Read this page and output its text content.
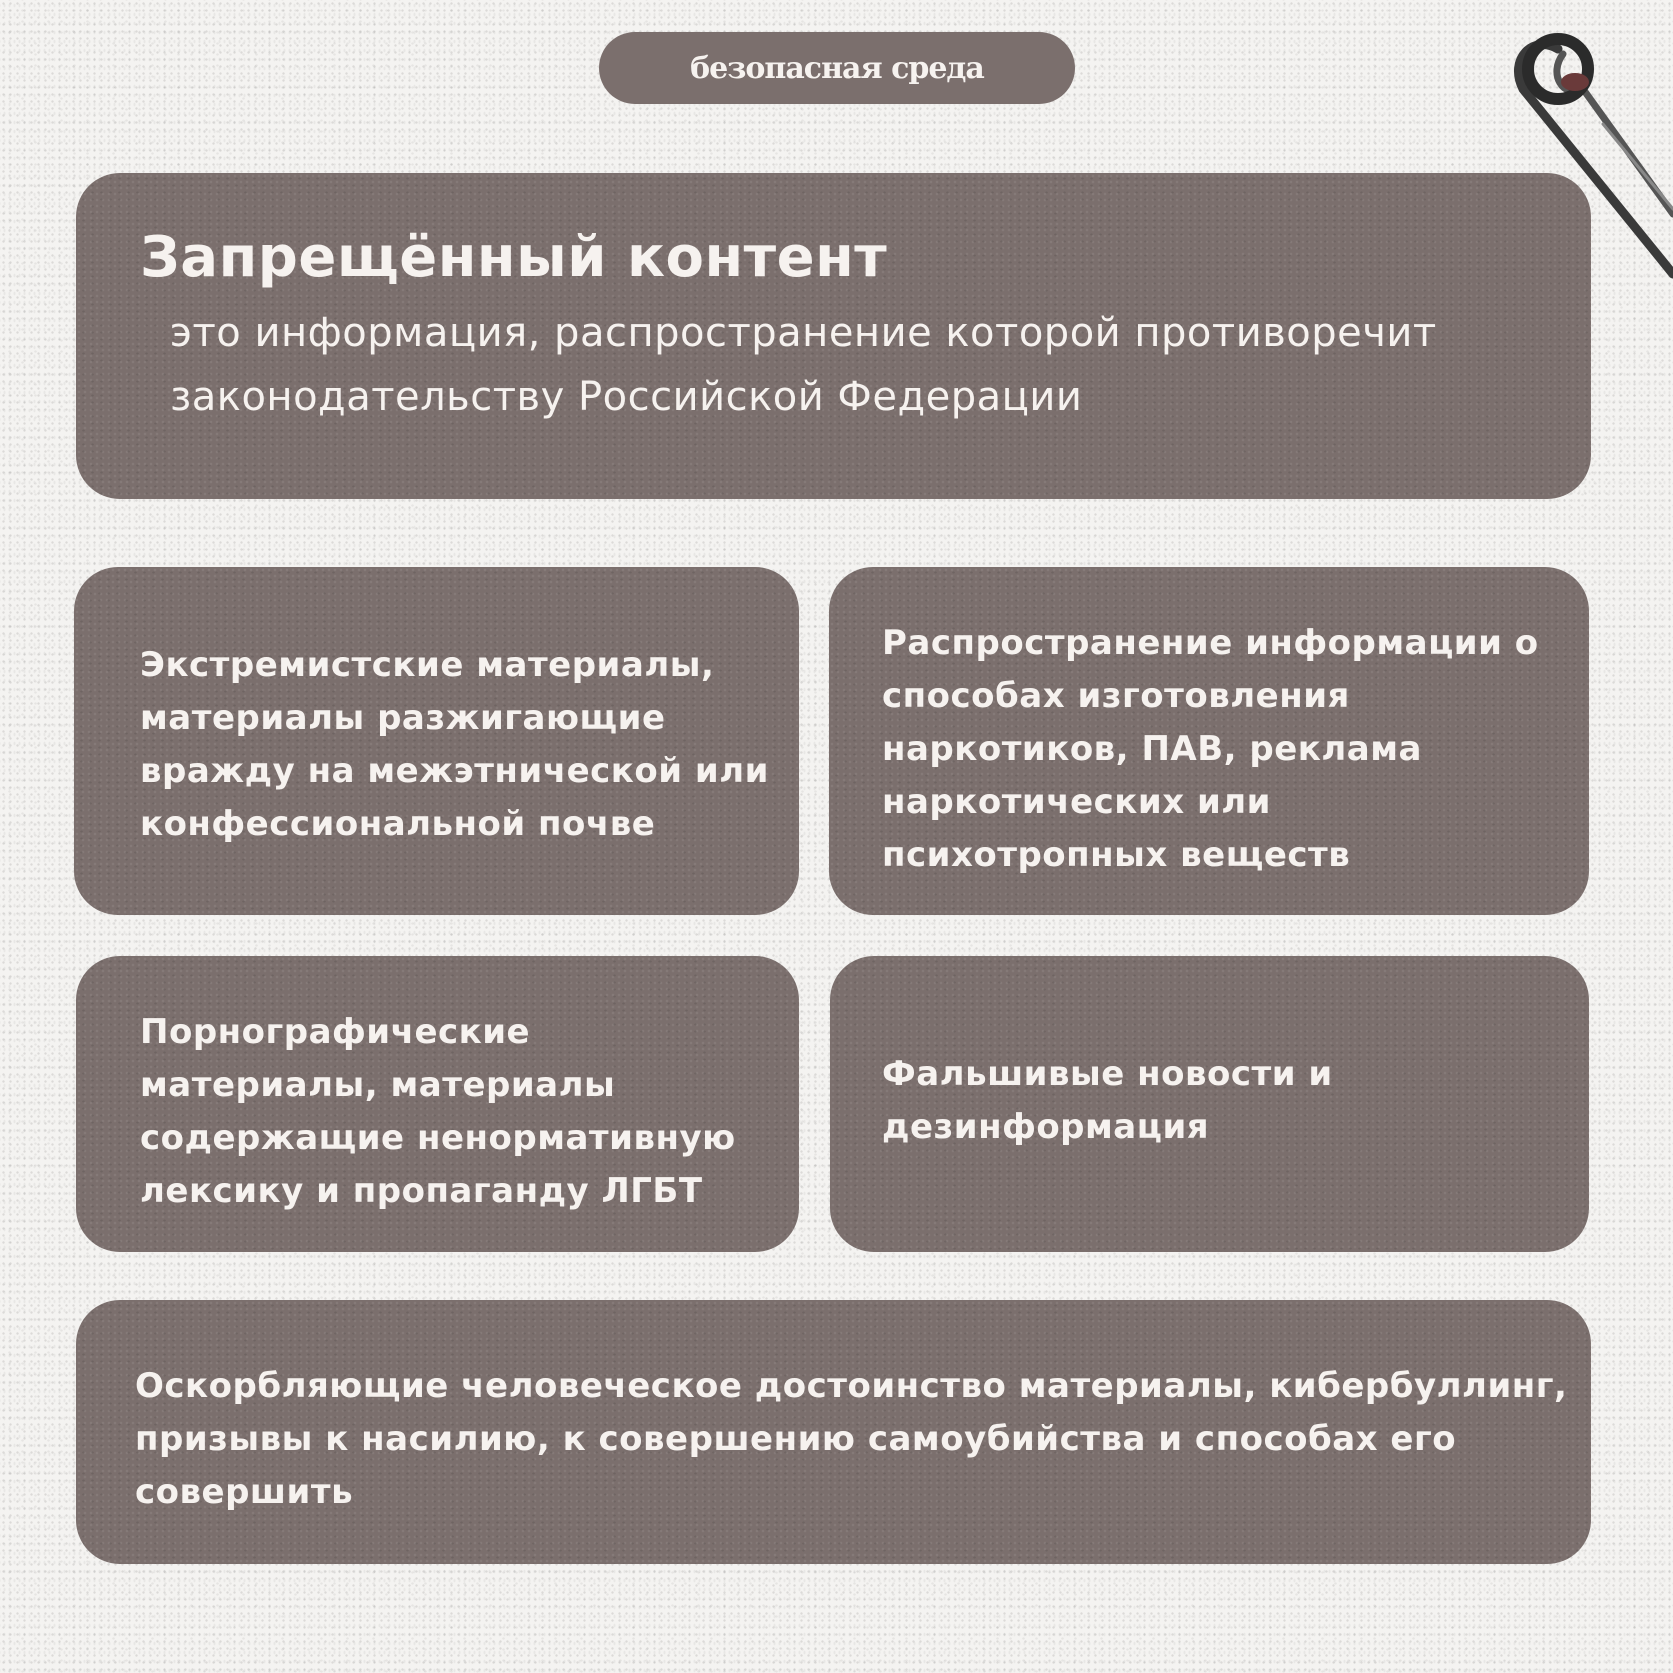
безопасная среда
Запрещённый контент

это информация, распространение которой противоречит законодательству Российской Федерации

Экстремистские материалы, материалы разжигающие вражду на межэтнической или конфессиональной почве

Распространение информации о способах изготовления наркотиков, ПАВ, реклама наркотических или психотропных веществ

Порнографические материалы, материалы содержащие ненормативную лексику и пропаганду ЛГБТ

Фальшивые новости и дезинформация

Оскорбляющие человеческое достоинство материалы, кибербуллинг, призывы к насилию, к совершению самоубийства и способах его совершить
